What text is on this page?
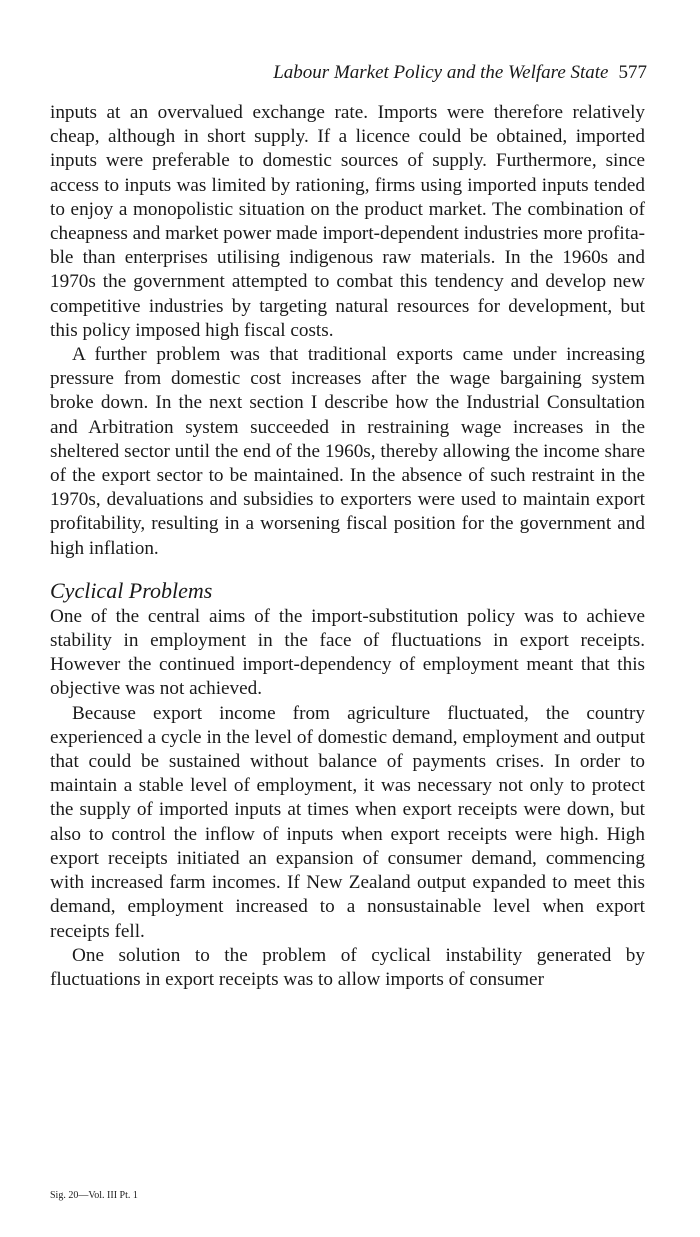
Labour Market Policy and the Welfare State 577

inputs at an overvalued exchange rate. Imports were therefore relatively cheap, although in short supply. If a licence could be obtained, imported inputs were preferable to domestic sources of supply. Furthermore, since access to inputs was limited by rationing, firms using imported inputs tended to enjoy a monopolistic situation on the product market. The combination of cheapness and market power made import-dependent industries more profitable than enterprises utilising indigenous raw materials. In the 1960s and 1970s the government attempted to combat this tendency and develop new competitive industries by targeting natural resources for development, but this policy imposed high fiscal costs.

A further problem was that traditional exports came under increasing pressure from domestic cost increases after the wage bargaining system broke down. In the next section I describe how the Industrial Consultation and Arbitration system succeeded in restraining wage increases in the sheltered sector until the end of the 1960s, thereby allowing the income share of the export sector to be maintained. In the absence of such restraint in the 1970s, devaluations and subsidies to exporters were used to maintain export profitability, resulting in a worsening fiscal position for the government and high inflation.

Cyclical Problems

One of the central aims of the import-substitution policy was to achieve stability in employment in the face of fluctuations in export receipts. However the continued import-dependency of employment meant that this objective was not achieved.

Because export income from agriculture fluctuated, the country experienced a cycle in the level of domestic demand, employment and output that could be sustained without balance of payments crises. In order to maintain a stable level of employment, it was necessary not only to protect the supply of imported inputs at times when export receipts were down, but also to control the inflow of inputs when export receipts were high. High export receipts initiated an expansion of consumer demand, commencing with increased farm incomes. If New Zealand output expanded to meet this demand, employment increased to a nonsustainable level when export receipts fell.

One solution to the problem of cyclical instability generated by fluctuations in export receipts was to allow imports of consumer

Sig. 20—Vol. III Pt. 1
